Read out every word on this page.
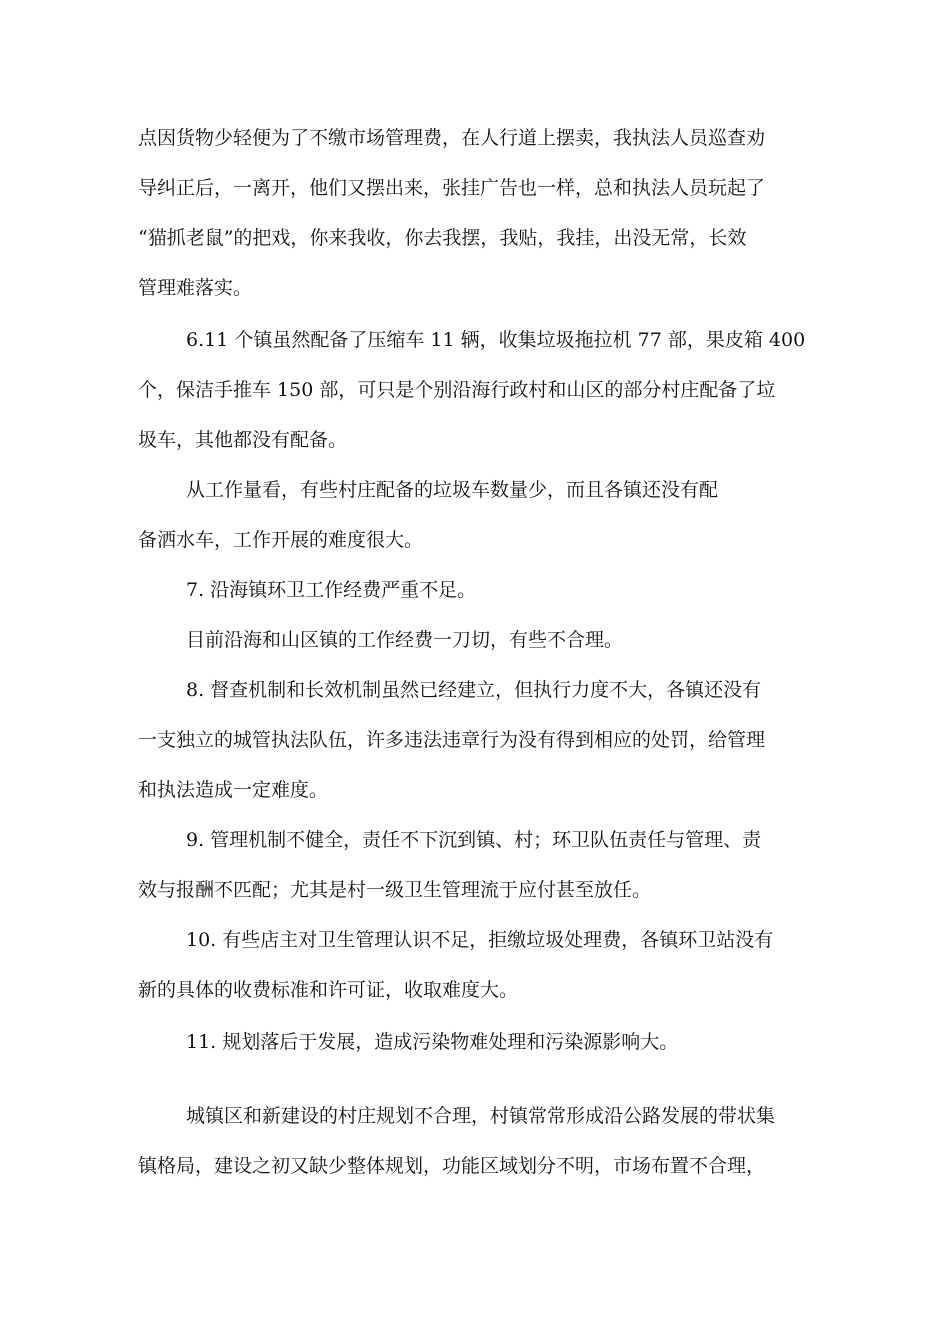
点因货物少轻便为了不缴市场管理费，在人行道上摆卖，我执法人员巡查劝
导纠正后，一离开，他们又摆出来，张挂广告也一样，总和执法人员玩起了
“猫抓老鼠”的把戏，你来我收，你去我摆，我贴，我挂，出没无常，长效
管理难落实。
6.11 个镇虽然配备了压缩车 11 辆，收集垃圾拖拉机 77 部，果皮箱 400
个，保洁手推车 150 部，可只是个别沿海行政村和山区的部分村庄配备了垃
圾车，其他都没有配备。
从工作量看，有些村庄配备的垃圾车数量少，而且各镇还没有配
备洒水车，工作开展的难度很大。
7. 沿海镇环卫工作经费严重不足。
目前沿海和山区镇的工作经费一刀切，有些不合理。
8. 督查机制和长效机制虽然已经建立，但执行力度不大，各镇还没有
一支独立的城管执法队伍，许多违法违章行为没有得到相应的处罚，给管理
和执法造成一定难度。
9. 管理机制不健全，责任不下沉到镇、村；环卫队伍责任与管理、责
效与报酬不匹配；尤其是村一级卫生管理流于应付甚至放任。
10. 有些店主对卫生管理认识不足，拒缴垃圾处理费，各镇环卫站没有
新的具体的收费标准和许可证，收取难度大。
11. 规划落后于发展，造成污染物难处理和污染源影响大。
城镇区和新建设的村庄规划不合理，村镇常常形成沿公路发展的带状集
镇格局，建设之初又缺少整体规划，功能区域划分不明，市场布置不合理，
